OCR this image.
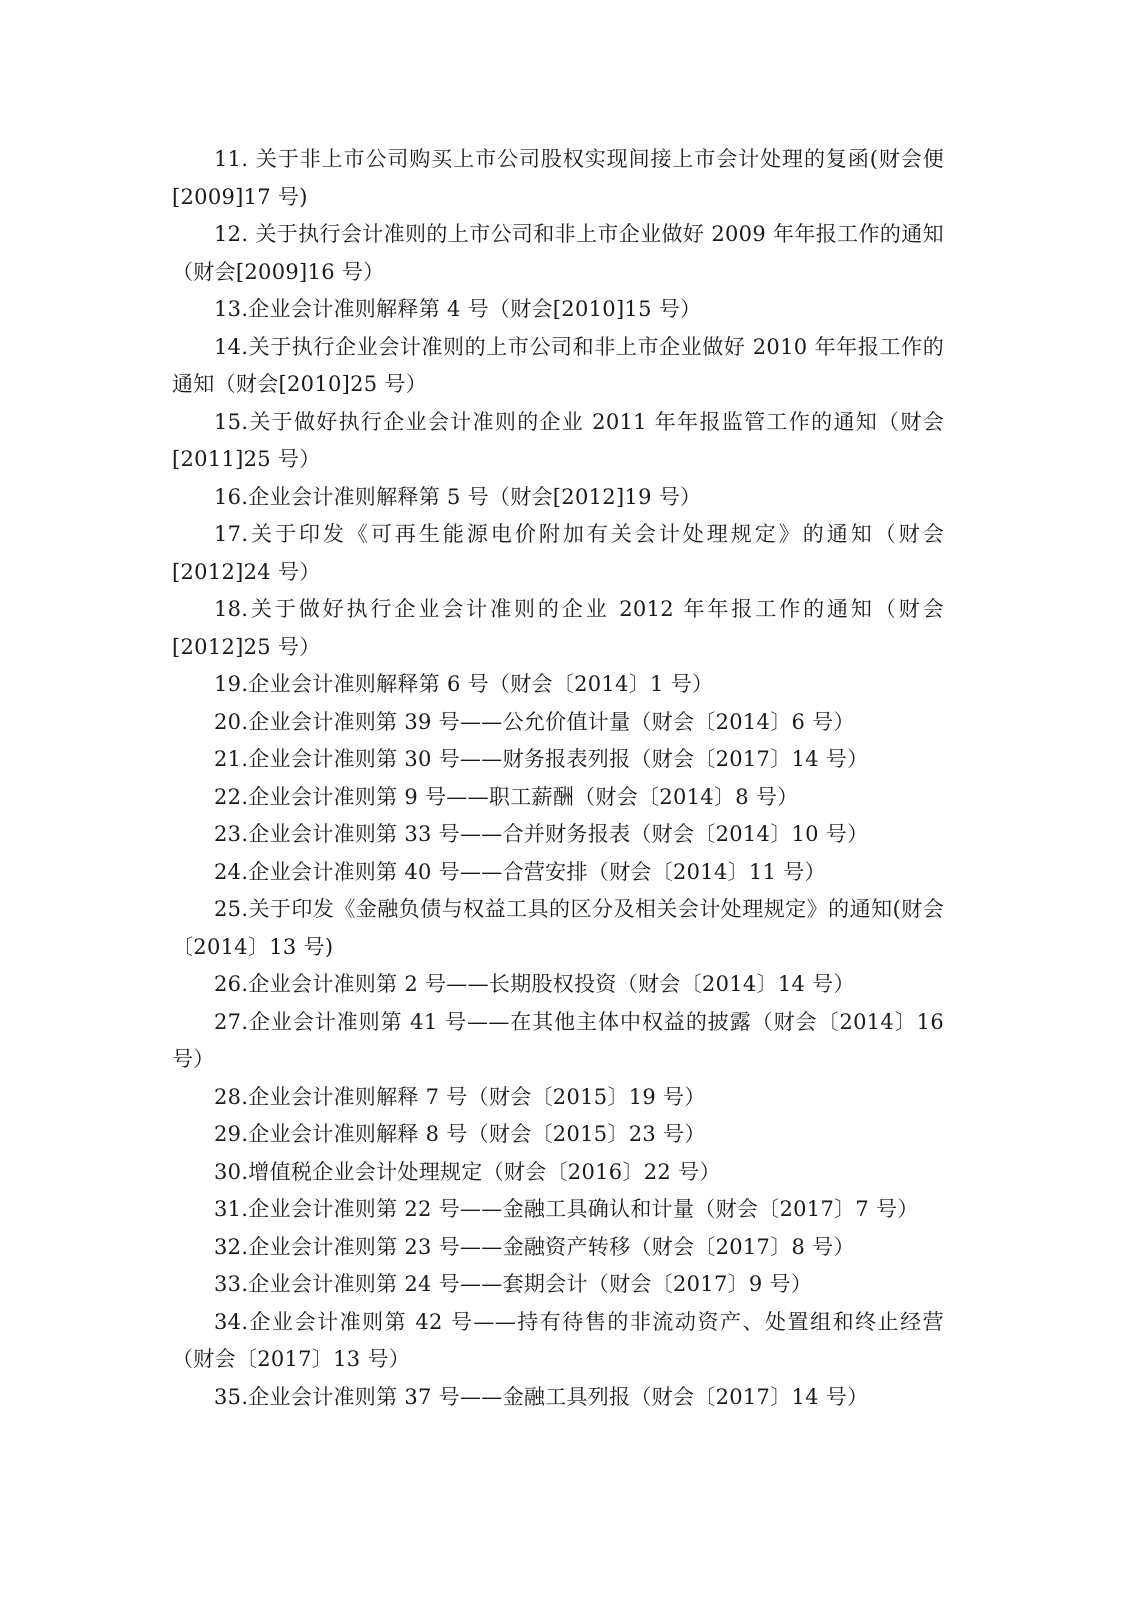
11. 关于非上市公司购买上市公司股权实现间接上市会计处理的复函(财会便[2009]17 号)

12. 关于执行会计准则的上市公司和非上市企业做好 2009 年年报工作的通知（财会[2009]16 号）

13.企业会计准则解释第 4 号（财会[2010]15 号）

14.关于执行企业会计准则的上市公司和非上市企业做好 2010 年年报工作的通知（财会[2010]25 号）

15.关于做好执行企业会计准则的企业 2011 年年报监管工作的通知（财会[2011]25 号）

16.企业会计准则解释第 5 号（财会[2012]19 号）

17.关于印发《可再生能源电价附加有关会计处理规定》的通知（财会[2012]24 号）

18.关于做好执行企业会计准则的企业 2012 年年报工作的通知（财会[2012]25 号）

19.企业会计准则解释第 6 号（财会〔2014〕1 号）

20.企业会计准则第 39 号——公允价值计量（财会〔2014〕6 号）

21.企业会计准则第 30 号——财务报表列报（财会〔2017〕14 号）

22.企业会计准则第 9 号——职工薪酬（财会〔2014〕8 号）

23.企业会计准则第 33 号——合并财务报表（财会〔2014〕10 号）

24.企业会计准则第 40 号——合营安排（财会〔2014〕11 号）

25.关于印发《金融负债与权益工具的区分及相关会计处理规定》的通知(财会〔2014〕13 号)

26.企业会计准则第 2 号——长期股权投资（财会〔2014〕14 号）

27.企业会计准则第 41 号——在其他主体中权益的披露（财会〔2014〕16 号）

28.企业会计准则解释 7 号（财会〔2015〕19 号）

29.企业会计准则解释 8 号（财会〔2015〕23 号）

30.增值税企业会计处理规定（财会〔2016〕22 号）

31.企业会计准则第 22 号——金融工具确认和计量（财会〔2017〕7 号）

32.企业会计准则第 23 号——金融资产转移（财会〔2017〕8 号）

33.企业会计准则第 24 号——套期会计（财会〔2017〕9 号）

34.企业会计准则第 42 号——持有待售的非流动资产、处置组和终止经营（财会〔2017〕13 号）

35.企业会计准则第 37 号——金融工具列报（财会〔2017〕14 号）
